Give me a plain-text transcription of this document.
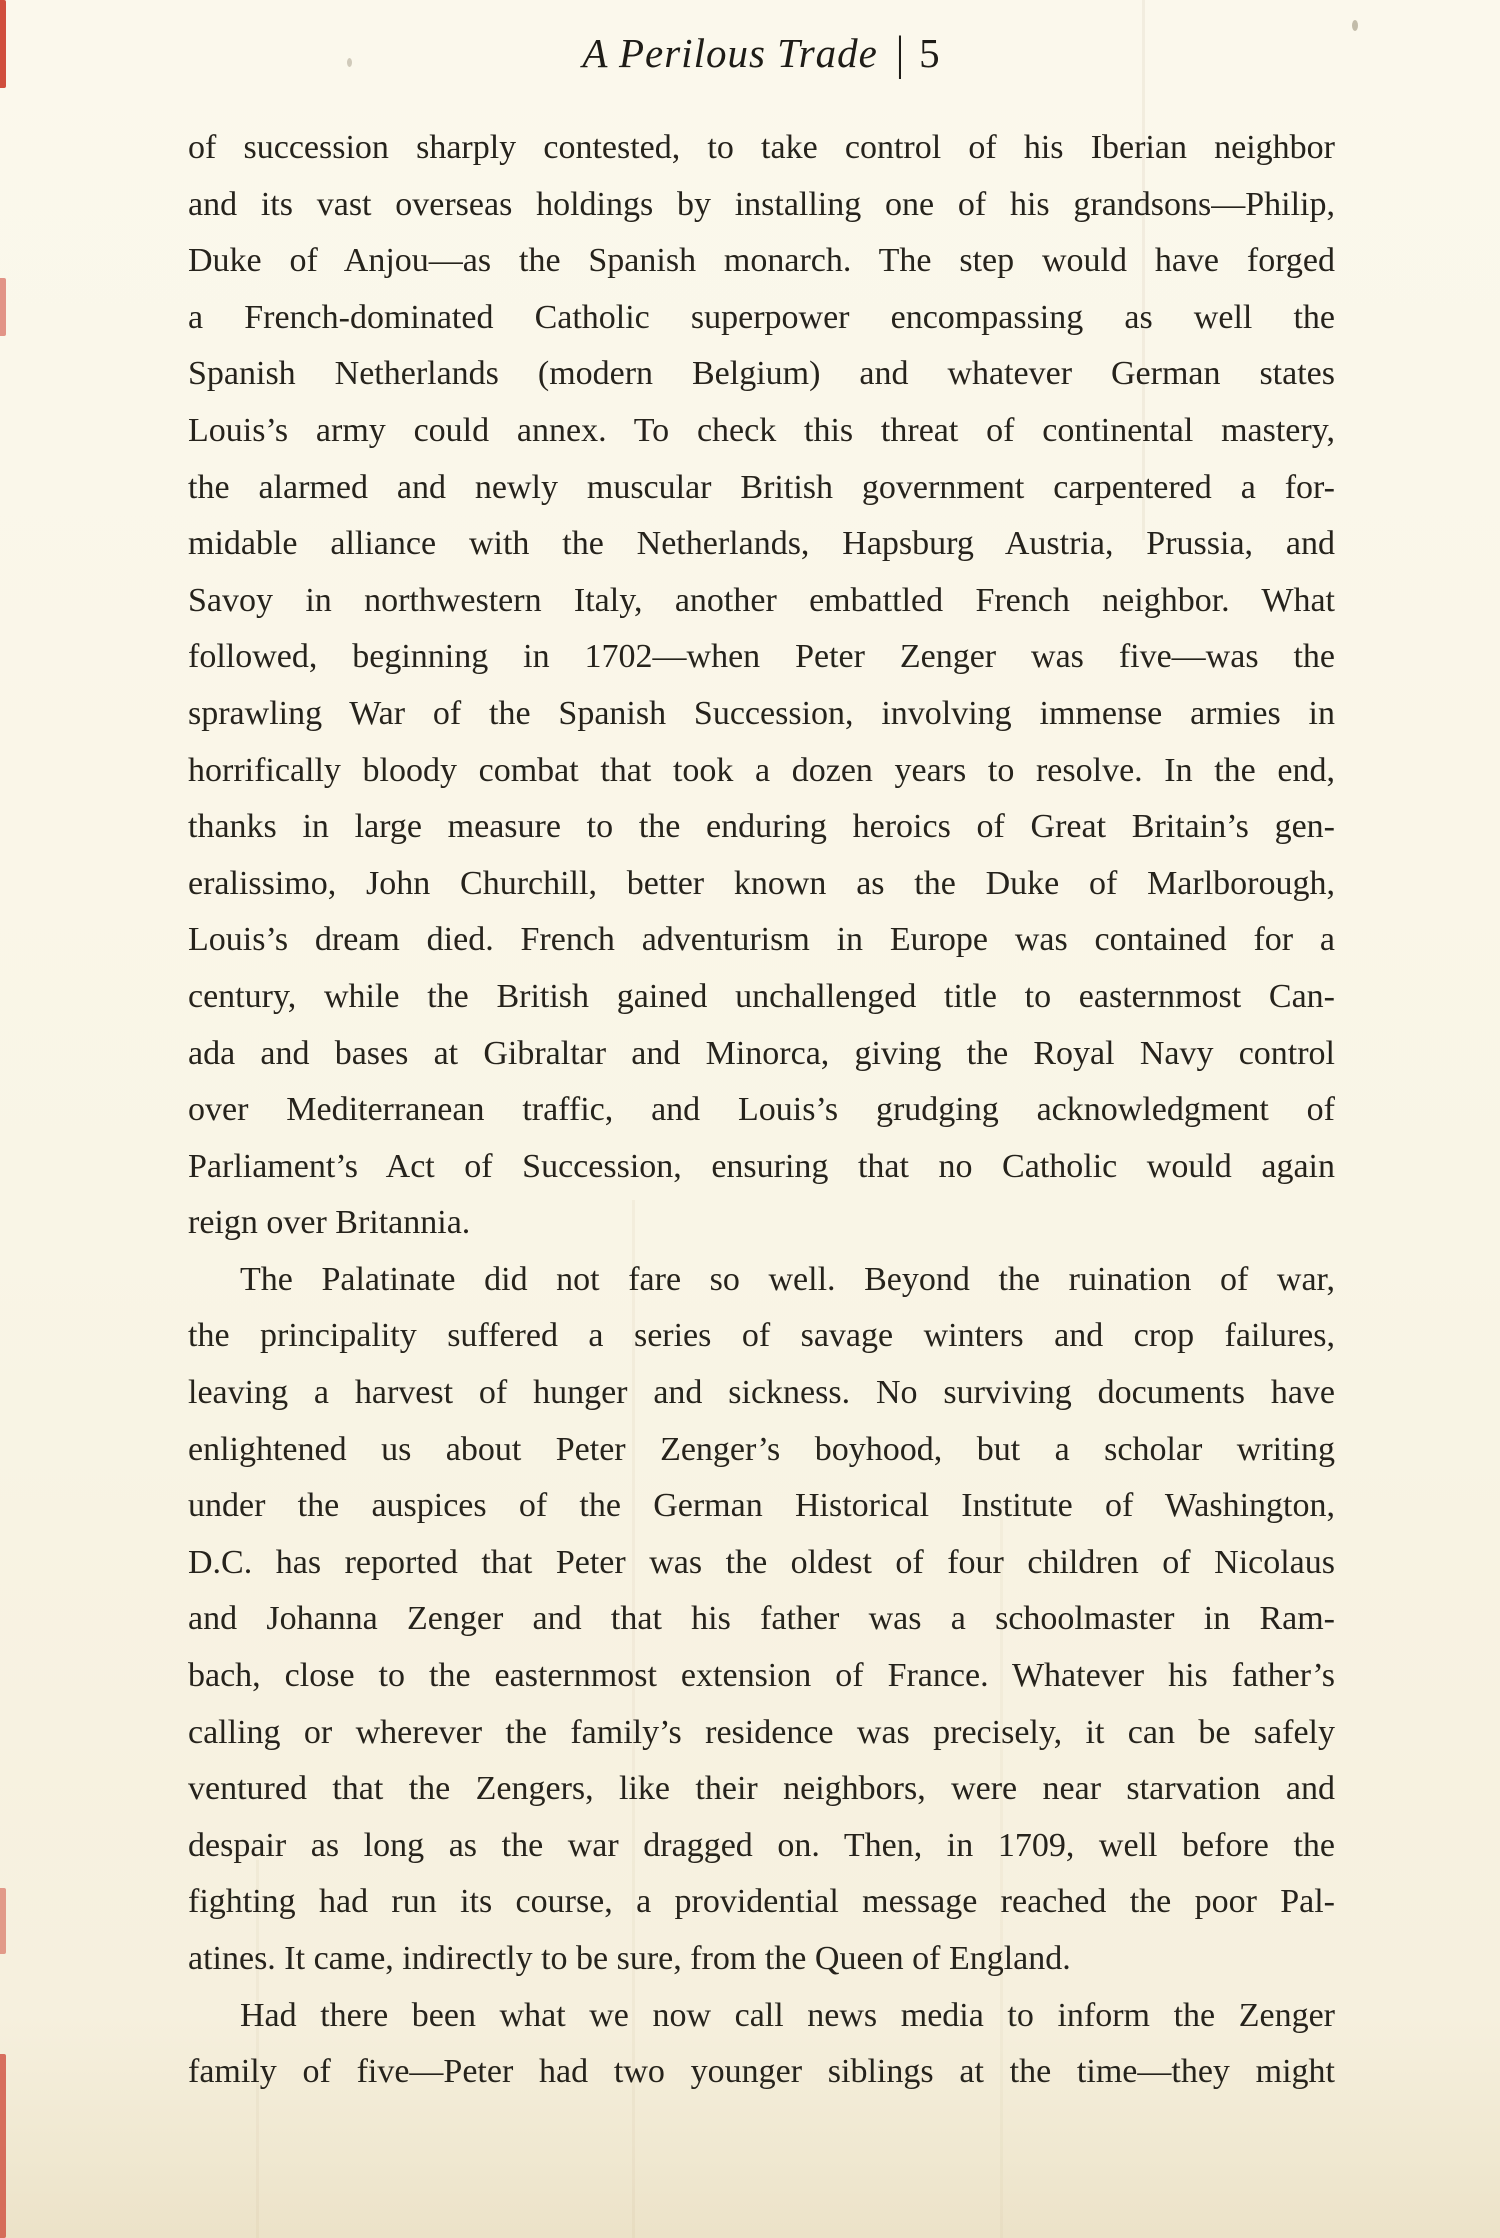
A Perilous Trade | 5
of succession sharply contested, to take control of his Iberian neighbor
and its vast overseas holdings by installing one of his grandsons—Philip,
Duke of Anjou—as the Spanish monarch. The step would have forged
a French-dominated Catholic superpower encompassing as well the
Spanish Netherlands (modern Belgium) and whatever German states
Louis’s army could annex. To check this threat of continental mastery,
the alarmed and newly muscular British government carpentered a for-
midable alliance with the Netherlands, Hapsburg Austria, Prussia, and
Savoy in northwestern Italy, another embattled French neighbor. What
followed, beginning in 1702—when Peter Zenger was five—was the
sprawling War of the Spanish Succession, involving immense armies in
horrifically bloody combat that took a dozen years to resolve. In the end,
thanks in large measure to the enduring heroics of Great Britain’s gen-
eralissimo, John Churchill, better known as the Duke of Marlborough,
Louis’s dream died. French adventurism in Europe was contained for a
century, while the British gained unchallenged title to easternmost Can-
ada and bases at Gibraltar and Minorca, giving the Royal Navy control
over Mediterranean traffic, and Louis’s grudging acknowledgment of
Parliament’s Act of Succession, ensuring that no Catholic would again
reign over Britannia.
The Palatinate did not fare so well. Beyond the ruination of war,
the principality suffered a series of savage winters and crop failures,
leaving a harvest of hunger and sickness. No surviving documents have
enlightened us about Peter Zenger’s boyhood, but a scholar writing
under the auspices of the German Historical Institute of Washington,
D.C. has reported that Peter was the oldest of four children of Nicolaus
and Johanna Zenger and that his father was a schoolmaster in Ram-
bach, close to the easternmost extension of France. Whatever his father’s
calling or wherever the family’s residence was precisely, it can be safely
ventured that the Zengers, like their neighbors, were near starvation and
despair as long as the war dragged on. Then, in 1709, well before the
fighting had run its course, a providential message reached the poor Pal-
atines. It came, indirectly to be sure, from the Queen of England.
Had there been what we now call news media to inform the Zenger
family of five—Peter had two younger siblings at the time—they might
